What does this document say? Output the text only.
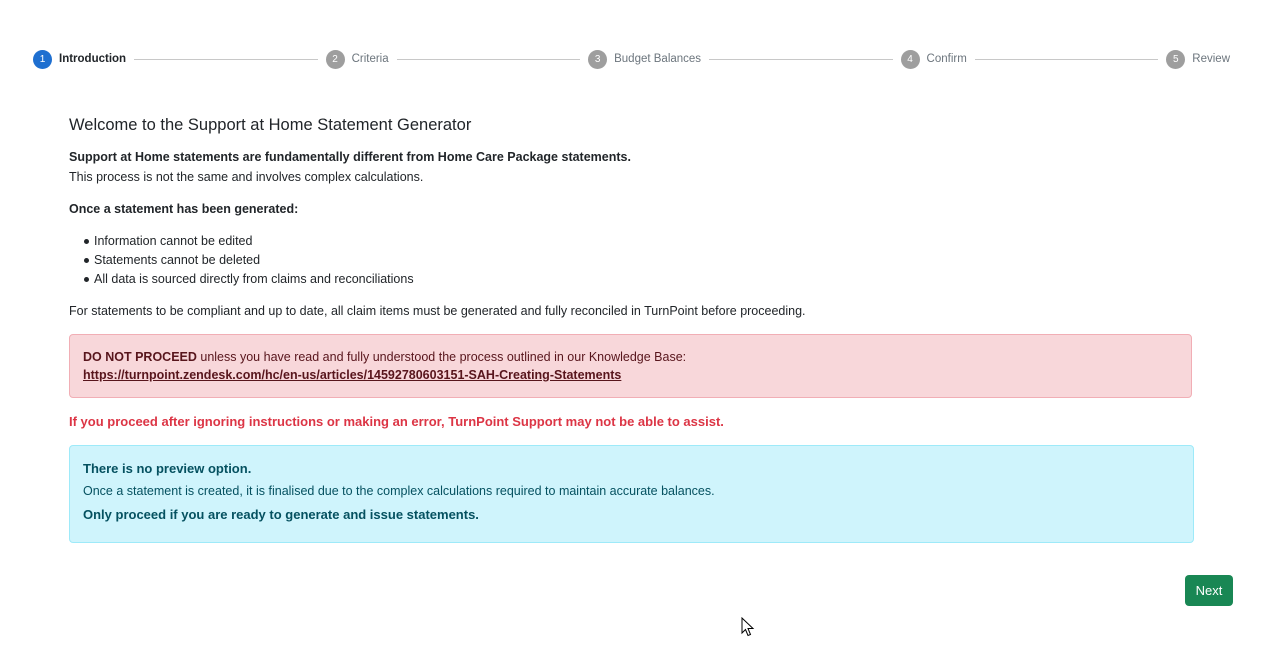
1	Introduction	2	Criteria	3	Budget Balances	4	Confirm	5	Review
Welcome to the Support at Home Statement Generator

Support at Home statements are fundamentally different from Home Care Package statements.

This process is not the same and involves complex calculations.

Once a statement has been generated:

Information cannot be edited
Statements cannot be deleted
All data is sourced directly from claims and reconciliations

For statements to be compliant and up to date, all claim items must be generated and fully reconciled in TurnPoint before proceeding.

DO NOT PROCEED unless you have read and fully understood the process outlined in our Knowledge Base:
https://turnpoint.zendesk.com/hc/en-us/articles/14592780603151-SAH-Creating-Statements

If you proceed after ignoring instructions or making an error, TurnPoint Support may not be able to assist.

There is no preview option.

Once a statement is created, it is finalised due to the complex calculations required to maintain accurate balances.

Only proceed if you are ready to generate and issue statements.

Next
